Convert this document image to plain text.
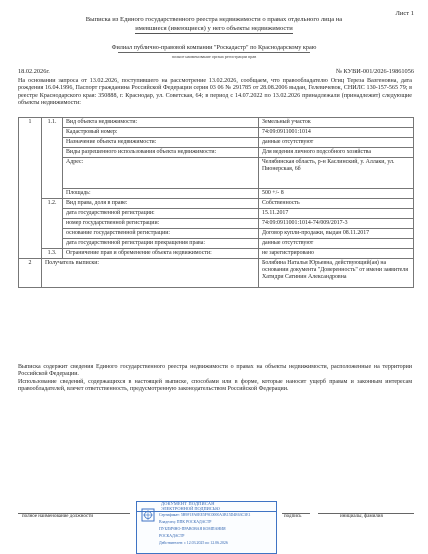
Лист 1
Выписка из Единого государственного реестра недвижимости о правах отдельного лица на
имевшиеся (имеющиеся) у него объекты недвижимости
Филиал публично-правовой компании "Роскадастр" по Краснодарскому краю
полное наименование органа регистрации прав
18.02.2026г.	№ КУВИ-001/2026-19861056
На основании запроса от 13.02.2026, поступившего на рассмотрение 13.02.2026, сообщаем, что правообладателю Огиц Тереза Вазгеновна, дата рождения 16.04.1996, Паспорт гражданина Российской Федерации серия 03 06 № 291785 от 28.08.2006 выдан, Гелевичевок, СНИЛС 130-157-565 79; в реестре Краснодарского края: 350888, г. Краснодар, ул. Советская, 64; в период с 14.07.2022 по 13.02.2026 принадлежали (принадлежит) следующие объекты недвижимости:
1	1.1.	Вид объекта недвижимости:	Земельный участок
		Кадастровый номер:	74:09:0911001:1014
		Назначение объекта недвижимости:	данные отсутствуют
		Виды разрешенного использования объекта недвижимости:	Для ведения личного подсобного хозяйства
		Адрес:	Челябинская область, р-н Каслинский, у. Аллаки, ул. Пионерская, 6б
		Площадь:	500 +/- 8
	1.2.	Вид права, доля в праве:	Собственность
		дата государственной регистрации:	15.11.2017
		номер государственной регистрации:	74:09:0911001:1014-74/009/2017-3
		основание государственной регистрации:	Договор купли-продажи, выдан 08.11.2017
		дата государственной регистрации прекращения права:	данные отсутствуют
	1.3.	Ограничение прав и обременение объекта недвижимости:	не зарегистрировано
2	Получатель выписки:		Болябина Наталья Юрьевна, действующий(ая) на основании документа "Доверенность" от имени заявителя Хатидри Сатинин Александровна
Выписка содержит сведения Единого государственного реестра недвижимости о правах на объекты недвижимости, расположенные на территории Российской Федерации.
Использование сведений, содержащихся в настоящей выписке, способами или в форме, которые наносят ущерб правам и законным интересам правообладателей, влечет ответственность, предусмотренную законодательством Российской Федерации.
полное наименование должности	подпись	инициалы, фамилия
ДОКУМЕНТ ПОДПИСАН
ЭЛЕКТРОННОЙ ПОДПИСЬЮ
Сертификат: 5B9F1FA0EE5F9C0000A3B15D4E63C3E1
Владелец: ППК РОСКАДАСТР
ПУБЛИЧНО-ПРАВОВАЯ КОМПАНИЯ
РОСКАДАСТР
Действителен: с 12.03.2025 по 12.06.2026
